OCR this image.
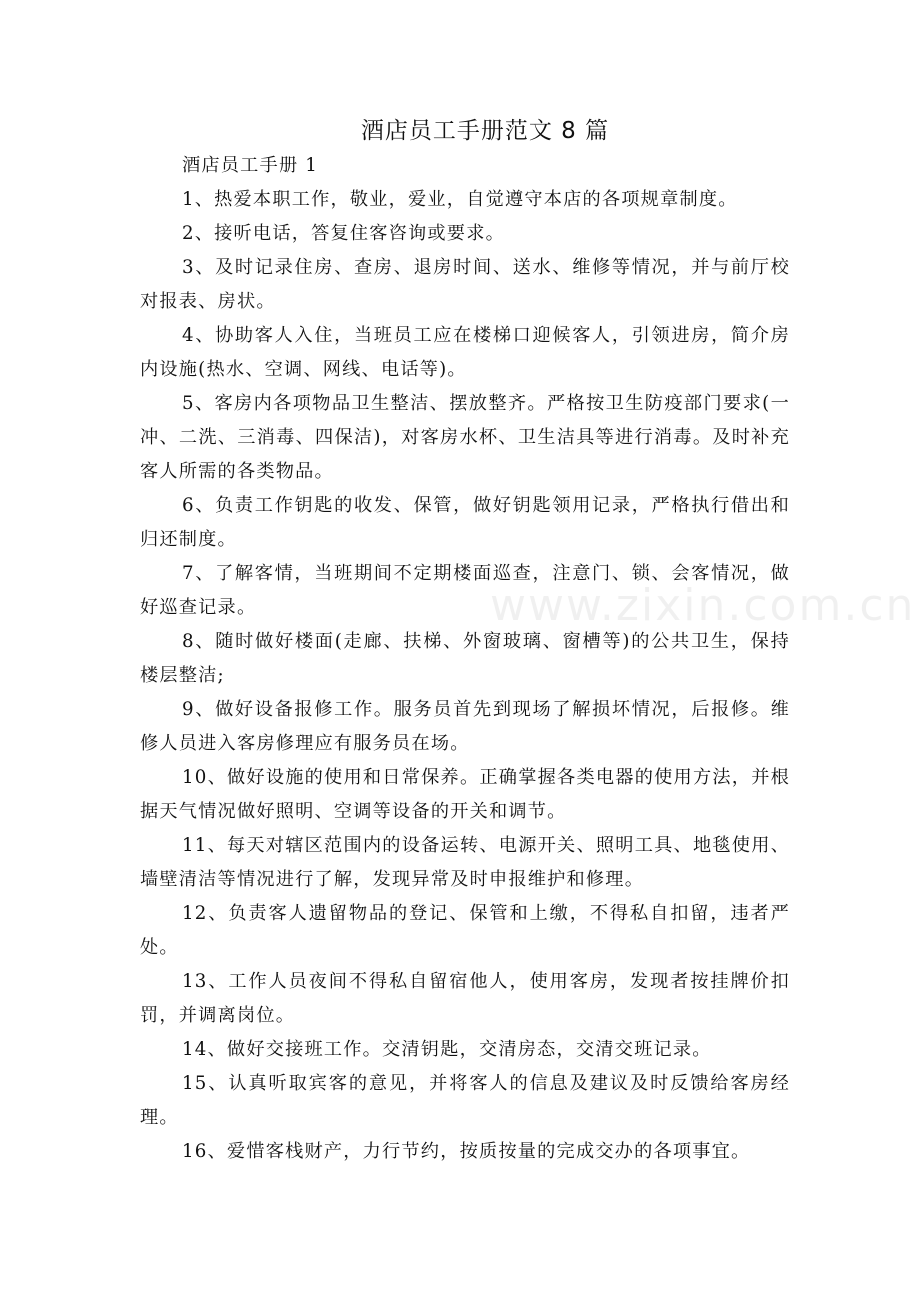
酒店员工手册范文 8 篇
www.zixin.com.cn

酒店员工手册 1

1、热爱本职工作，敬业，爱业，自觉遵守本店的各项规章制度。

2、接听电话，答复住客咨询或要求。

3、及时记录住房、查房、退房时间、送水、维修等情况，并与前厅校对报表、房状。

4、协助客人入住，当班员工应在楼梯口迎候客人，引领进房，简介房内设施(热水、空调、网线、电话等)。

5、客房内各项物品卫生整洁、摆放整齐。严格按卫生防疫部门要求(一冲、二洗、三消毒、四保洁)，对客房水杯、卫生洁具等进行消毒。及时补充客人所需的各类物品。

6、负责工作钥匙的收发、保管，做好钥匙领用记录，严格执行借出和归还制度。

7、了解客情，当班期间不定期楼面巡查，注意门、锁、会客情况，做好巡查记录。

8、随时做好楼面(走廊、扶梯、外窗玻璃、窗槽等)的公共卫生，保持楼层整洁;

9、做好设备报修工作。服务员首先到现场了解损坏情况，后报修。维修人员进入客房修理应有服务员在场。

10、做好设施的使用和日常保养。正确掌握各类电器的使用方法，并根据天气情况做好照明、空调等设备的开关和调节。

11、每天对辖区范围内的设备运转、电源开关、照明工具、地毯使用、墙壁清洁等情况进行了解，发现异常及时申报维护和修理。

12、负责客人遗留物品的登记、保管和上缴，不得私自扣留，违者严处。

13、工作人员夜间不得私自留宿他人，使用客房，发现者按挂牌价扣罚，并调离岗位。

14、做好交接班工作。交清钥匙，交清房态，交清交班记录。

15、认真听取宾客的意见，并将客人的信息及建议及时反馈给客房经理。

16、爱惜客栈财产，力行节约，按质按量的完成交办的各项事宜。
